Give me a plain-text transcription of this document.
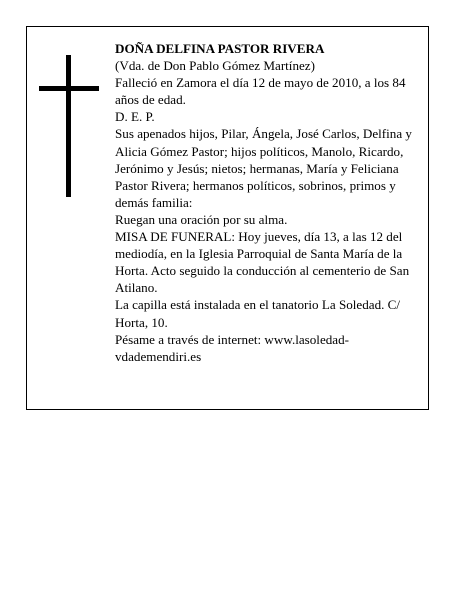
DOÑA DELFINA PASTOR RIVERA

(Vda. de Don Pablo Gómez Martínez)

Falleció en Zamora el día 12 de mayo de 2010, a los 84 años de edad.

D. E. P.

Sus apenados hijos, Pilar, Ángela, José Carlos, Delfina y Alicia Gómez Pastor; hijos políticos, Manolo, Ricardo, Jerónimo y Jesús; nietos; hermanas, María y Feliciana Pastor Rivera; hermanos políticos, sobrinos, primos y demás familia:

Ruegan una oración por su alma.

MISA DE FUNERAL: Hoy jueves, día 13, a las 12 del mediodía, en la Iglesia Parroquial de Santa María de la Horta. Acto seguido la conducción al cementerio de San Atilano.

La capilla está instalada en el tanatorio La Soledad. C/ Horta, 10.

Pésame a través de internet: www.lasoledad-vdademendiri.es
